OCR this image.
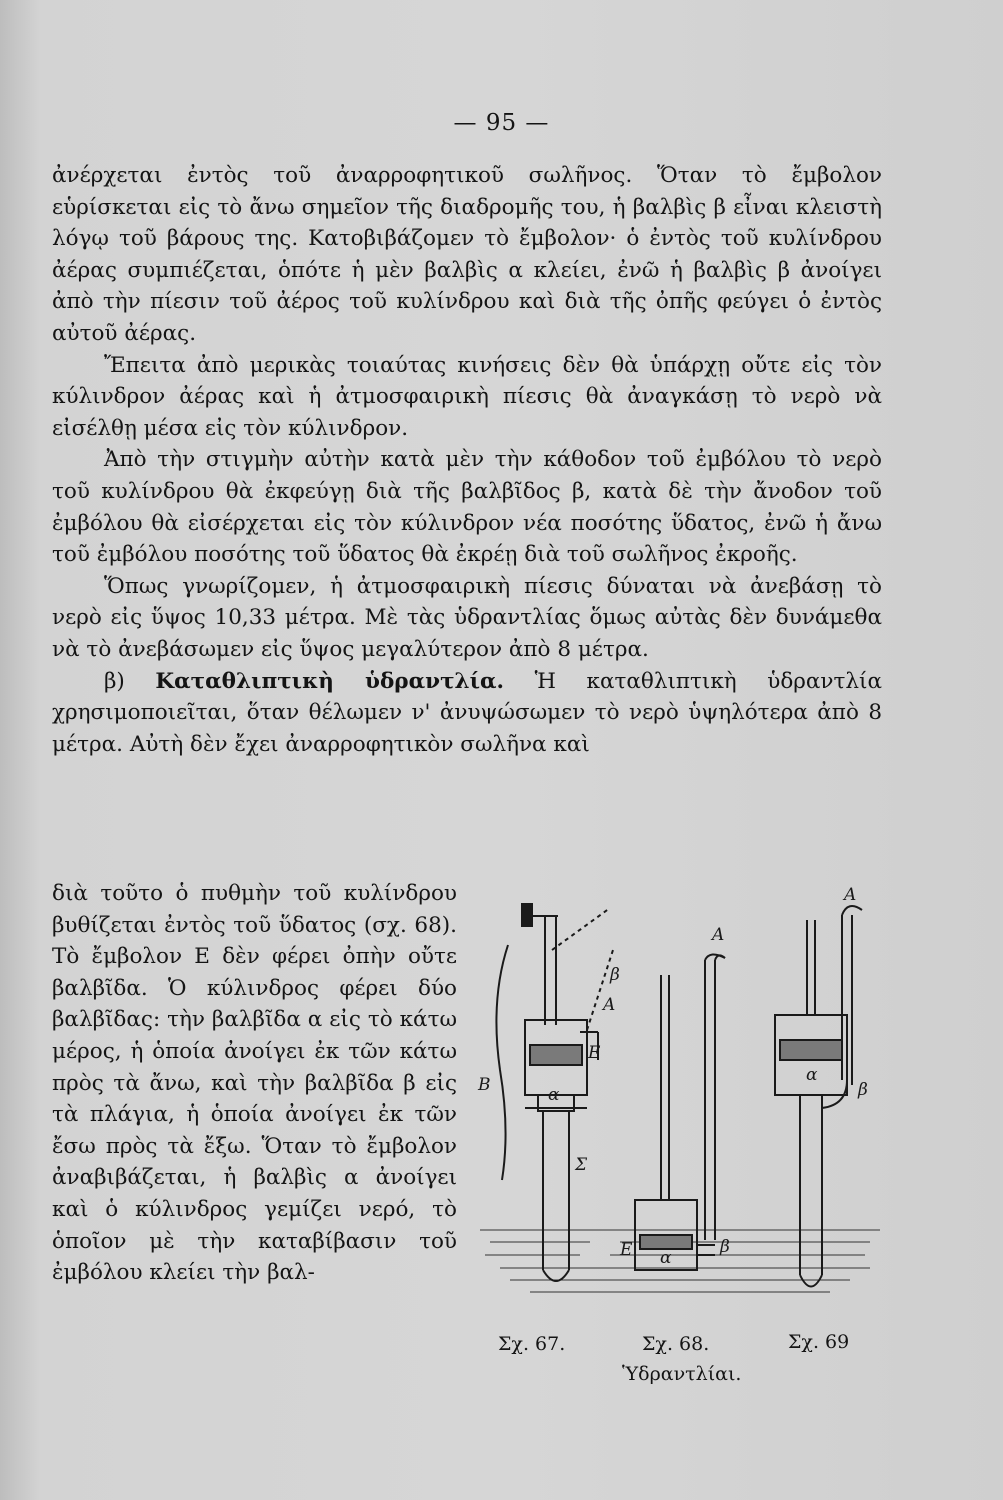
— 95 —

ἀνέρχεται ἐντὸς τοῦ ἀναρροφητικοῦ σωλῆνος. Ὅταν τὸ ἔμβολον εὑρίσκεται εἰς τὸ ἄνω σημεῖον τῆς διαδρομῆς του, ἡ βαλβὶς β εἶναι κλειστὴ λόγῳ τοῦ βάρους της. Κατοβιβάζομεν τὸ ἔμβολον· ὁ ἐντὸς τοῦ κυλίνδρου ἀέρας συμπιέζεται, ὁπότε ἡ μὲν βαλβὶς α κλείει, ἐνῶ ἡ βαλβὶς β ἀνοίγει ἀπὸ τὴν πίεσιν τοῦ ἀέρος τοῦ κυλίνδρου καὶ διὰ τῆς ὀπῆς φεύγει ὁ ἐντὸς αὐτοῦ ἀέρας.

Ἔπειτα ἀπὸ μερικὰς τοιαύτας κινήσεις δὲν θὰ ὑπάρχῃ οὔτε εἰς τὸν κύλινδρον ἀέρας καὶ ἡ ἀτμοσφαιρικὴ πίεσις θὰ ἀναγκάσῃ τὸ νερὸ νὰ εἰσέλθῃ μέσα εἰς τὸν κύλινδρον.

Ἀπὸ τὴν στιγμὴν αὐτὴν κατὰ μὲν τὴν κάθοδον τοῦ ἐμβόλου τὸ νερὸ τοῦ κυλίνδρου θὰ ἐκφεύγῃ διὰ τῆς βαλβῖδος β, κατὰ δὲ τὴν ἄνοδον τοῦ ἐμβόλου θὰ εἰσέρχεται εἰς τὸν κύλινδρον νέα ποσότης ὕδατος, ἐνῶ ἡ ἄνω τοῦ ἐμβόλου ποσότης τοῦ ὕδατος θὰ ἐκρέῃ διὰ τοῦ σωλῆνος ἐκροῆς.

Ὅπως γνωρίζομεν, ἡ ἀτμοσφαιρικὴ πίεσις δύναται νὰ ἀνεβάσῃ τὸ νερὸ εἰς ὕψος 10,33 μέτρα. Μὲ τὰς ὑδραντλίας ὅμως αὐτὰς δὲν δυνάμεθα νὰ τὸ ἀνεβάσωμεν εἰς ὕψος μεγαλύτερον ἀπὸ 8 μέτρα.

β) Καταθλιπτικὴ ὑδραντλία. Ἡ καταθλιπτικὴ ὑδραντλία χρησιμοποιεῖται, ὅταν θέλωμεν ν' ἀνυψώσωμεν τὸ νερὸ ὑψηλότερα ἀπὸ 8 μέτρα. Αὐτὴ δὲν ἔχει ἀναρροφητικὸν σωλῆνα καὶ

διὰ τοῦτο ὁ πυθμὴν τοῦ κυλίνδρου βυθίζεται ἐντὸς τοῦ ὕδατος (σχ. 68). Τὸ ἔμβολον Ε δὲν φέρει ὀπὴν οὔτε βαλβῖδα. Ὁ κύλινδρος φέρει δύο βαλβῖδας: τὴν βαλβῖδα α εἰς τὸ κάτω μέρος, ἡ ὁποία ἀνοίγει ἐκ τῶν κάτω πρὸς τὰ ἄνω, καὶ τὴν βαλβῖδα β εἰς τὰ πλάγια, ἡ ὁποία ἀνοίγει ἐκ τῶν ἔσω πρὸς τὰ ἔξω. Ὅταν τὸ ἔμβολον ἀναβιβάζεται, ἡ βαλβὶς α ἀνοίγει καὶ ὁ κύλινδρος γεμίζει νερό, τὸ ὁποῖον μὲ τὴν καταβίβασιν τοῦ ἐμβόλου κλείει τὴν βαλ-

β
A
E
α
Β
Σ
A
E α
β
A
α
β
Σχ. 67.	Σχ. 68.	Σχ. 69
Ὑδραντλίαι.
